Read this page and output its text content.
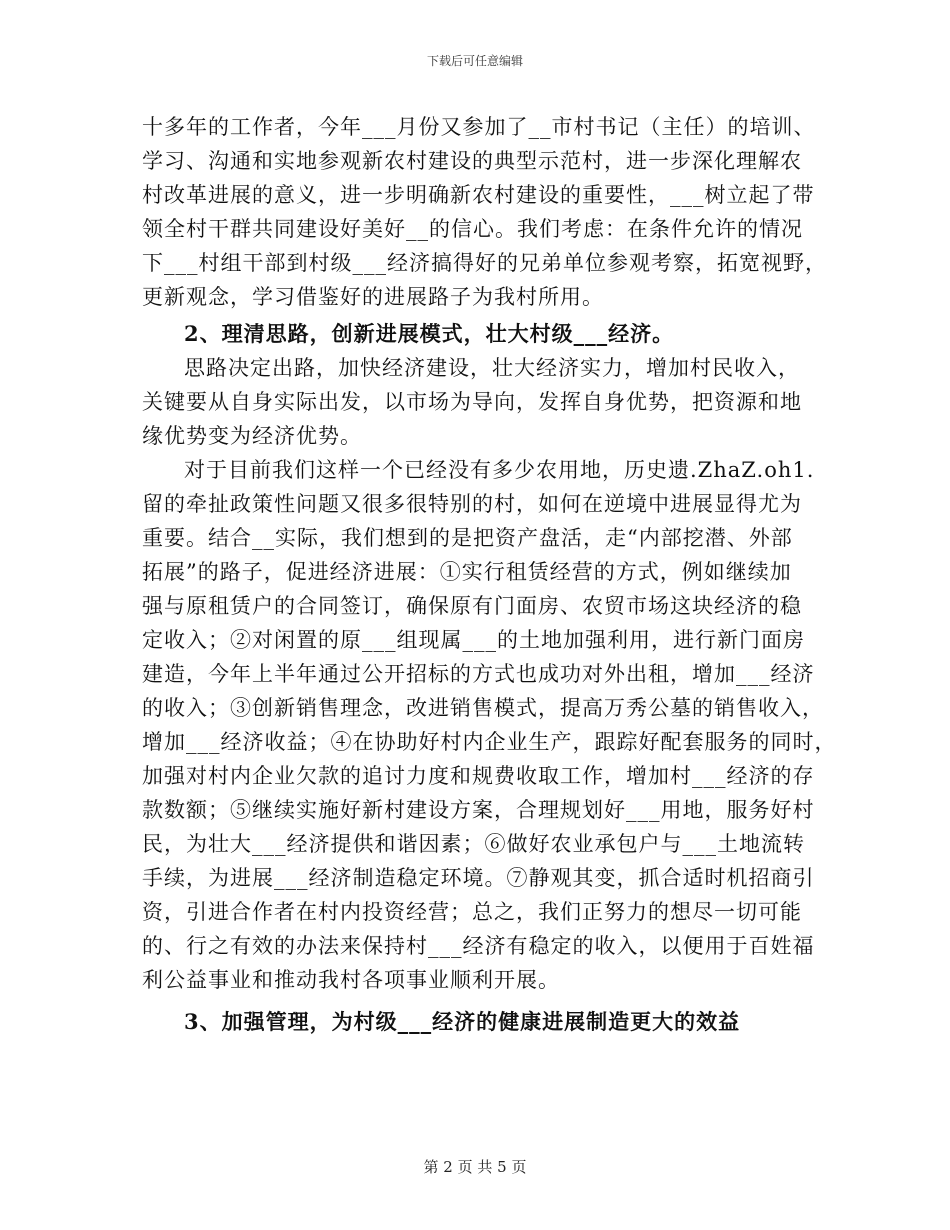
下载后可任意编辑
十多年的工作者，今年___月份又参加了__市村书记（主任）的培训、
学习、沟通和实地参观新农村建设的典型示范村，进一步深化理解农
村改革进展的意义，进一步明确新农村建设的重要性，___树立起了带
领全村干群共同建设好美好__的信心。我们考虑：在条件允许的情况
下___村组干部到村级___经济搞得好的兄弟单位参观考察，拓宽视野，
更新观念，学习借鉴好的进展路子为我村所用。
2、理清思路，创新进展模式，壮大村级___经济。
思路决定出路，加快经济建设，壮大经济实力，增加村民收入，
关键要从自身实际出发，以市场为导向，发挥自身优势，把资源和地
缘优势变为经济优势。
对于目前我们这样一个已经没有多少农用地，历史遗.ZhaZ.oh1.
留的牵扯政策性问题又很多很特别的村，如何在逆境中进展显得尤为
重要。结合__实际，我们想到的是把资产盘活，走“内部挖潜、外部
拓展”的路子，促进经济进展：①实行租赁经营的方式，例如继续加
强与原租赁户的合同签订，确保原有门面房、农贸市场这块经济的稳
定收入；②对闲置的原___组现属___的土地加强利用，进行新门面房
建造，今年上半年通过公开招标的方式也成功对外出租，增加___经济
的收入；③创新销售理念，改进销售模式，提高万秀公墓的销售收入，
增加___经济收益；④在协助好村内企业生产，跟踪好配套服务的同时，
加强对村内企业欠款的追讨力度和规费收取工作，增加村___经济的存
款数额；⑤继续实施好新村建设方案，合理规划好___用地，服务好村
民，为壮大___经济提供和谐因素；⑥做好农业承包户与___土地流转
手续，为进展___经济制造稳定环境。⑦静观其变，抓合适时机招商引
资，引进合作者在村内投资经营；总之，我们正努力的想尽一切可能
的、行之有效的办法来保持村___经济有稳定的收入，以便用于百姓福
利公益事业和推动我村各项事业顺利开展。
3、加强管理，为村级___经济的健康进展制造更大的效益
第 2 页 共 5 页
